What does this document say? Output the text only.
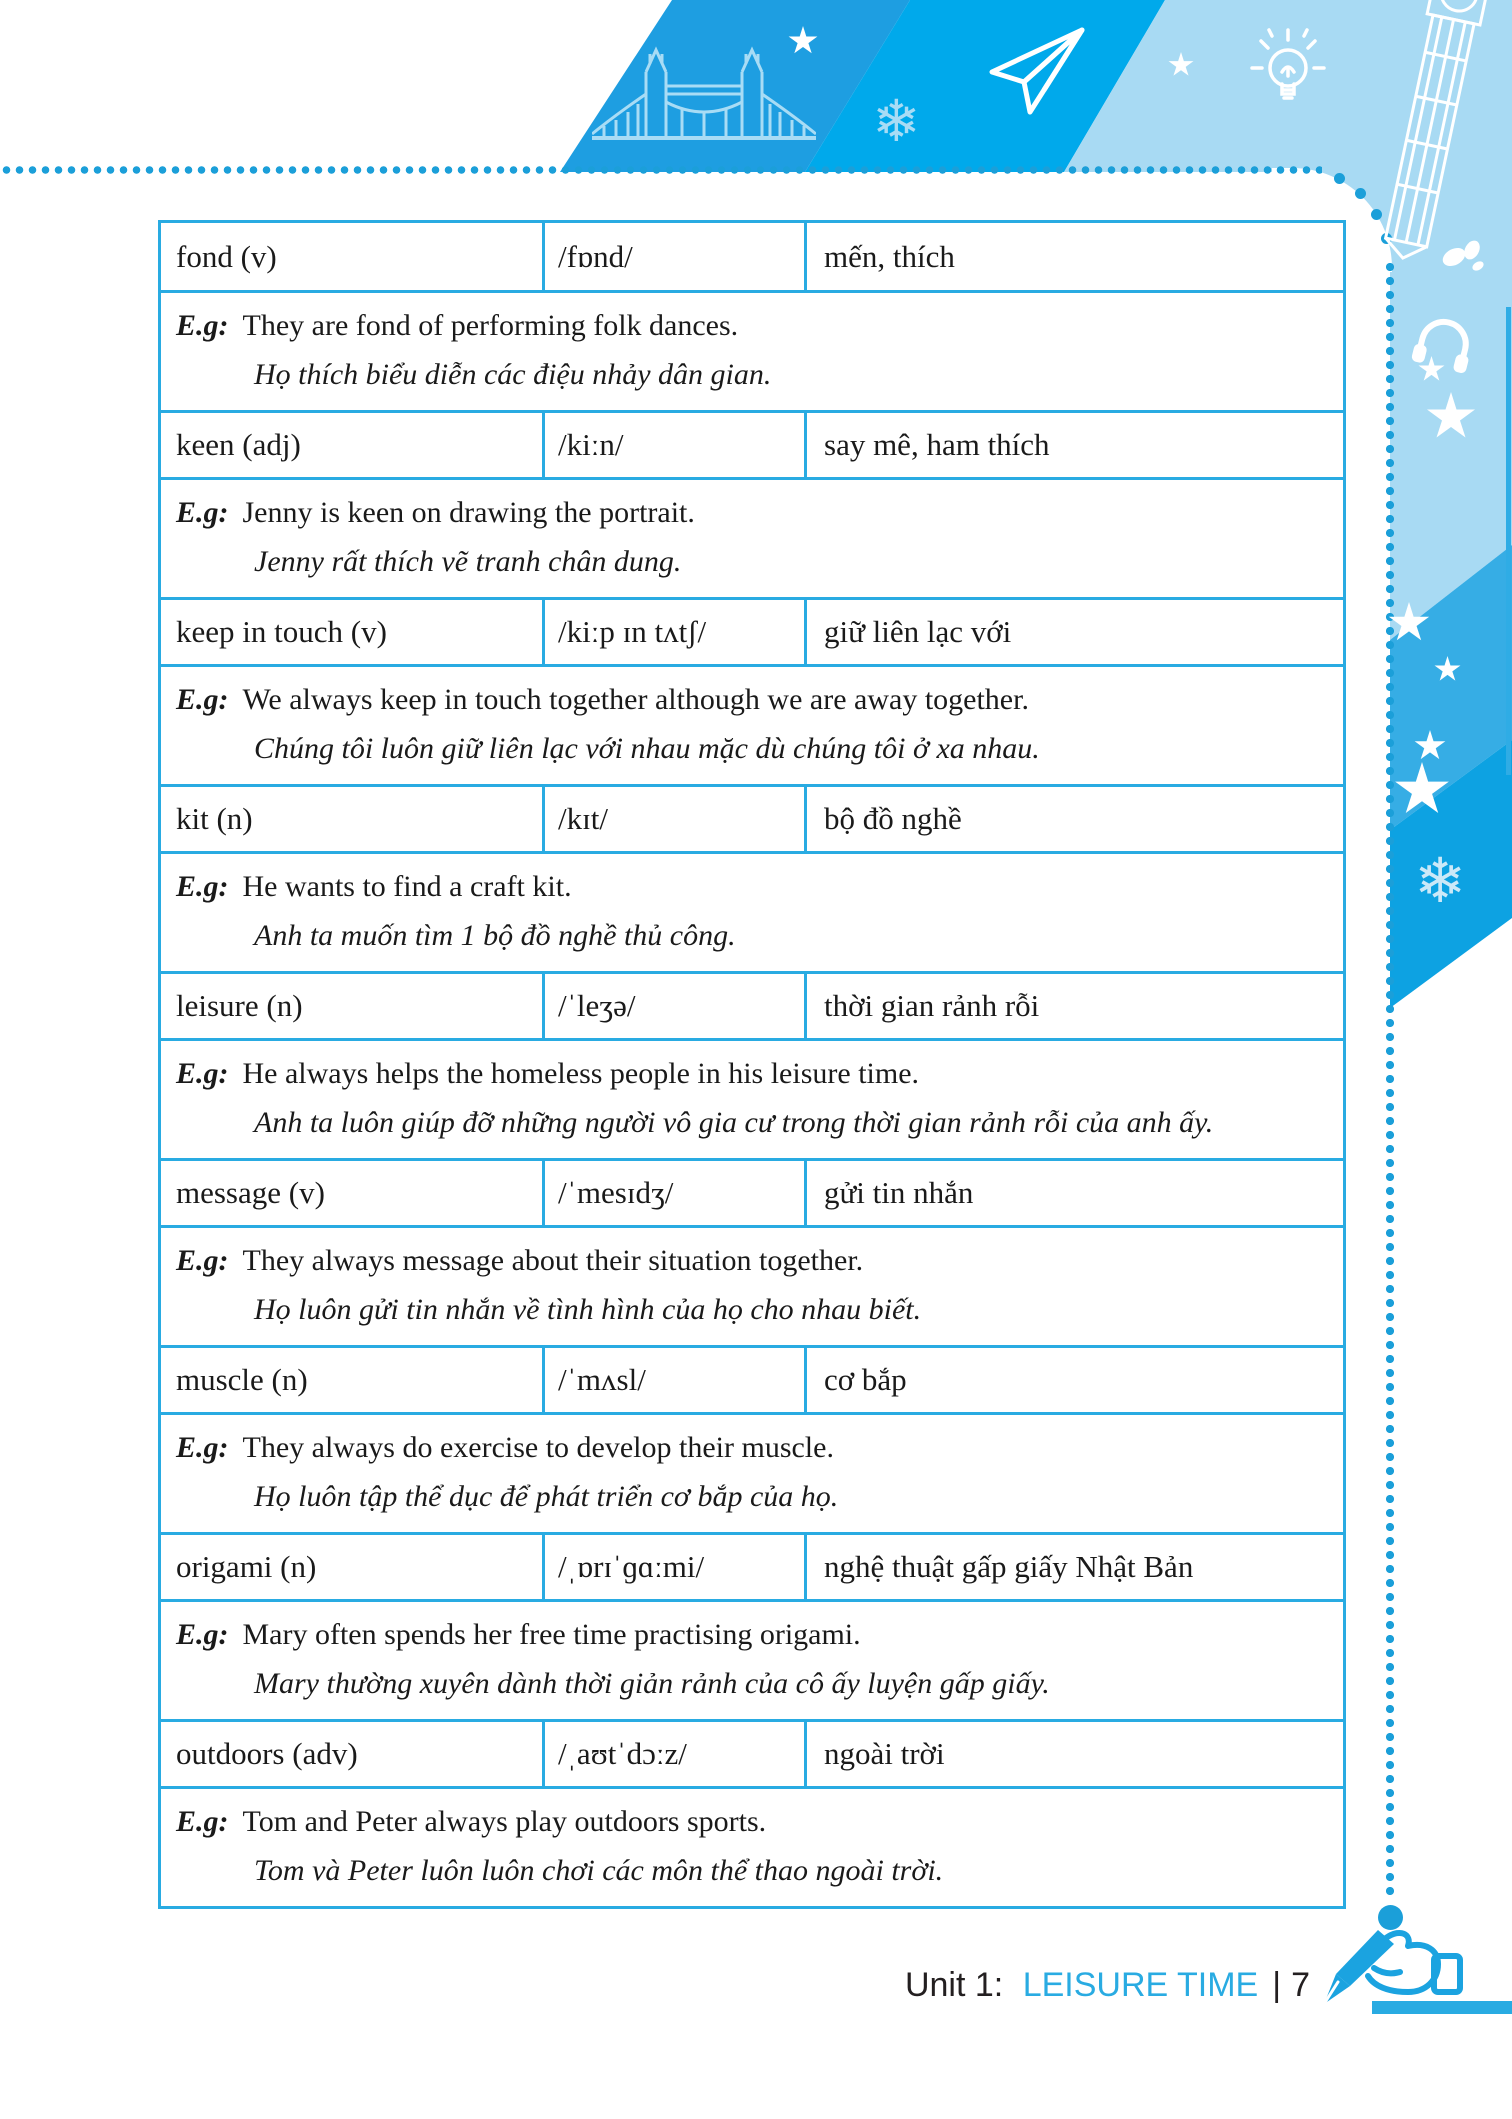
❄
❄
fond (v)	/fɒnd/	mến, thích
E.g: They are fond of performing folk dances.
Họ thích biểu diễn các điệu nhảy dân gian.
keen (adj)	/kiːn/	say mê, ham thích
E.g: Jenny is keen on drawing the portrait.
Jenny rất thích vẽ tranh chân dung.
keep in touch (v)	/kiːp ɪn tʌtʃ/	giữ liên lạc với
E.g: We always keep in touch together although we are away together.
Chúng tôi luôn giữ liên lạc với nhau mặc dù chúng tôi ở xa nhau.
kit (n)	/kɪt/	bộ đồ nghề
E.g: He wants to find a craft kit.
Anh ta muốn tìm 1 bộ đồ nghề thủ công.
leisure (n)	/ˈleʒə/	thời gian rảnh rỗi
E.g: He always helps the homeless people in his leisure time.
Anh ta luôn giúp đỡ những người vô gia cư trong thời gian rảnh rỗi của anh ấy.
message (v)	/ˈmesɪdʒ/	gửi tin nhắn
E.g: They always message about their situation together.
Họ luôn gửi tin nhắn về tình hình của họ cho nhau biết.
muscle (n)	/ˈmʌsl/	cơ bắp
E.g: They always do exercise to develop their muscle.
Họ luôn tập thể dục để phát triển cơ bắp của họ.
origami (n)	/ˌɒrɪˈɡɑːmi/	nghệ thuật gấp giấy Nhật Bản
E.g: Mary often spends her free time practising origami.
Mary thường xuyên dành thời giản rảnh của cô ấy luyện gấp giấy.
outdoors (adv)	/ˌaʊtˈdɔːz/	ngoài trời
E.g: Tom and Peter always play outdoors sports.
Tom và Peter luôn luôn chơi các môn thể thao ngoài trời.
Unit 1: LEISURE TIME | 7
